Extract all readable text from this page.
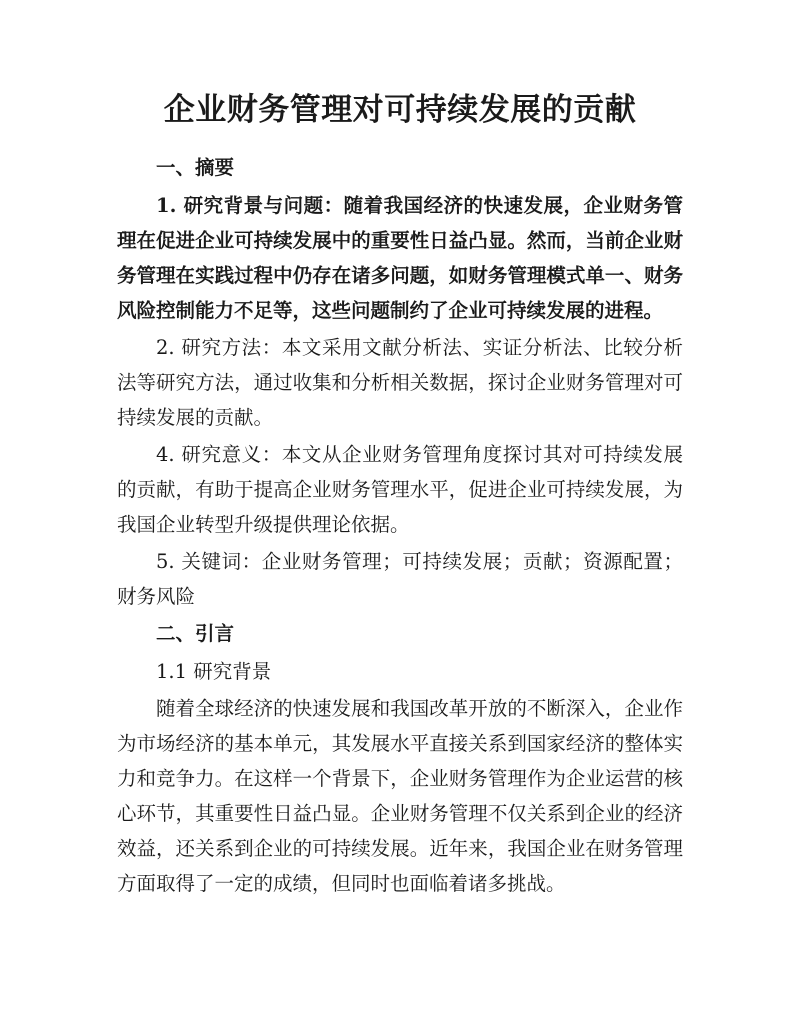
企业财务管理对可持续发展的贡献

一、摘要

1. 研究背景与问题：随着我国经济的快速发展，企业财务管理在促进企业可持续发展中的重要性日益凸显。然而，当前企业财务管理在实践过程中仍存在诸多问题，如财务管理模式单一、财务风险控制能力不足等，这些问题制约了企业可持续发展的进程。

2. 研究方法：本文采用文献分析法、实证分析法、比较分析法等研究方法，通过收集和分析相关数据，探讨企业财务管理对可持续发展的贡献。

4. 研究意义：本文从企业财务管理角度探讨其对可持续发展的贡献，有助于提高企业财务管理水平，促进企业可持续发展，为我国企业转型升级提供理论依据。

5. 关键词：企业财务管理；可持续发展；贡献；资源配置；财务风险

二、引言

1.1 研究背景

随着全球经济的快速发展和我国改革开放的不断深入，企业作为市场经济的基本单元，其发展水平直接关系到国家经济的整体实力和竞争力。在这样一个背景下，企业财务管理作为企业运营的核心环节，其重要性日益凸显。企业财务管理不仅关系到企业的经济效益，还关系到企业的可持续发展。近年来，我国企业在财务管理方面取得了一定的成绩，但同时也面临着诸多挑战。
